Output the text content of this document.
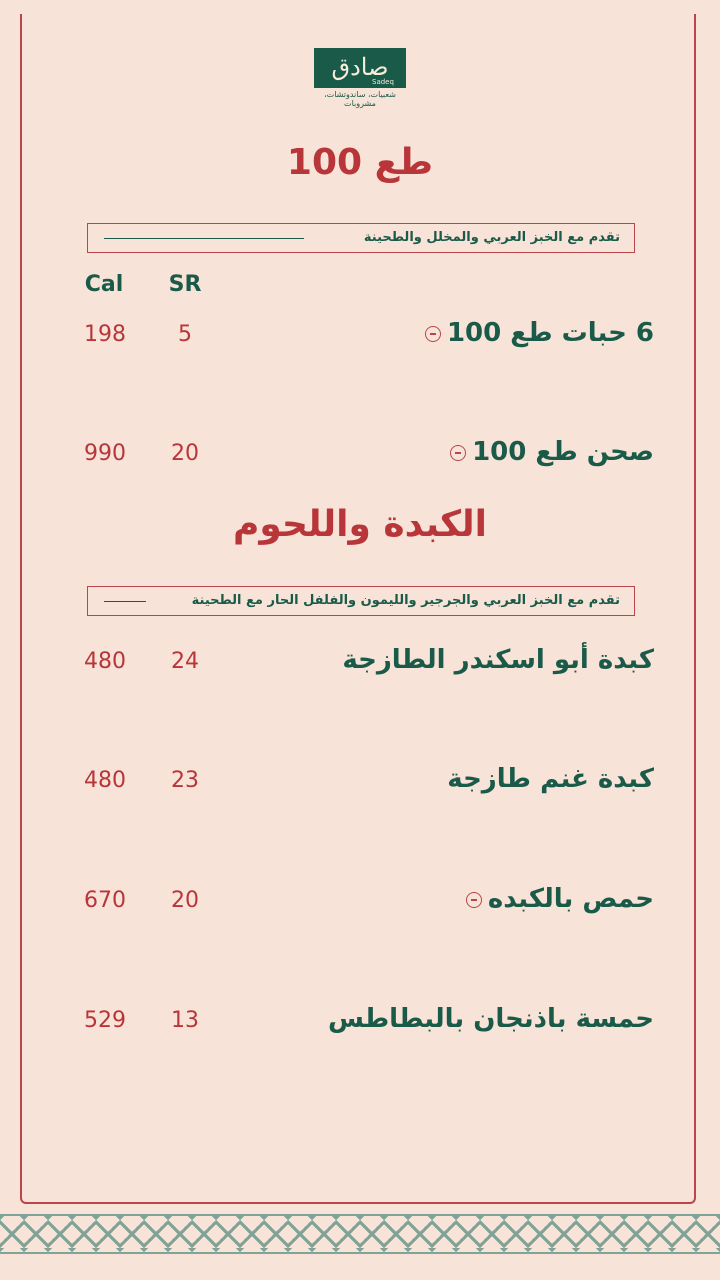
صادق
Sadeq
شعبيات، ساندوتشات، مشروبات
طع 100
تقدم مع الخبز العربي والمخلل والطحينة
Cal	SR
6 حبات طع 100
5
198
صحن طع 100
20
990
الكبدة واللحوم
تقدم مع الخبز العربي والجرجير والليمون والفلفل الحار مع الطحينة
كبدة أبو اسكندر الطازجة
24
480
كبدة غنم طازجة
23
480
حمص بالكبده
20
670
حمسة باذنجان بالبطاطس
13
529
